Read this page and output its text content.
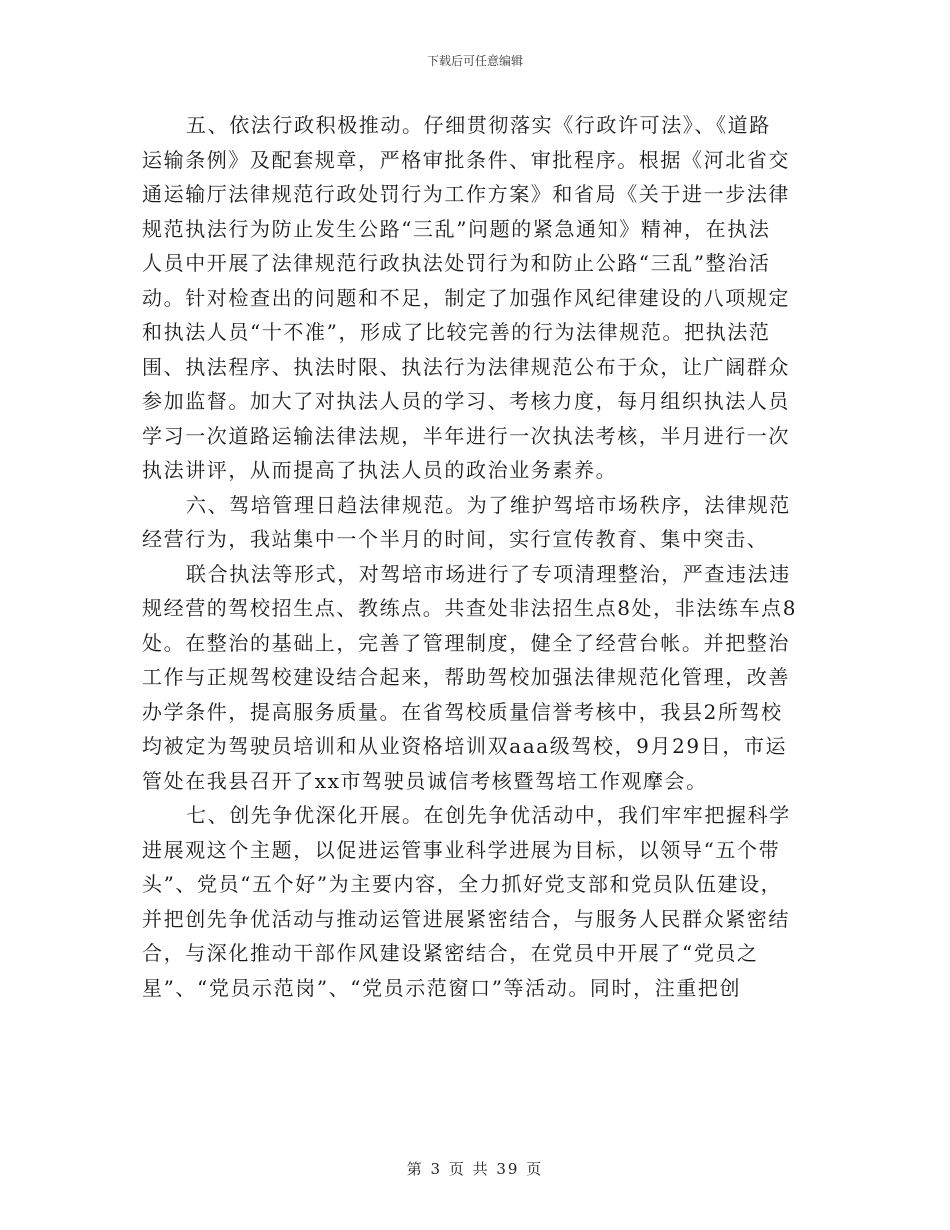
下载后可任意编辑
五、依法行政积极推动。仔细贯彻落实《行政许可法》、《道路
运输条例》及配套规章，严格审批条件、审批程序。根据《河北省交
通运输厅法律规范行政处罚行为工作方案》和省局《关于进一步法律
规范执法行为防止发生公路“三乱”问题的紧急通知》精神，在执法
人员中开展了法律规范行政执法处罚行为和防止公路“三乱”整治活
动。针对检查出的问题和不足，制定了加强作风纪律建设的八项规定
和执法人员“十不准”，形成了比较完善的行为法律规范。把执法范
围、执法程序、执法时限、执法行为法律规范公布于众，让广阔群众
参加监督。加大了对执法人员的学习、考核力度，每月组织执法人员
学习一次道路运输法律法规，半年进行一次执法考核，半月进行一次
执法讲评，从而提高了执法人员的政治业务素养。
六、驾培管理日趋法律规范。为了维护驾培市场秩序，法律规范
经营行为，我站集中一个半月的时间，实行宣传教育、集中突击、
联合执法等形式，对驾培市场进行了专项清理整治，严查违法违
规经营的驾校招生点、教练点。共查处非法招生点8处，非法练车点8
处。在整治的基础上，完善了管理制度，健全了经营台帐。并把整治
工作与正规驾校建设结合起来，帮助驾校加强法律规范化管理，改善
办学条件，提高服务质量。在省驾校质量信誉考核中，我县2所驾校
均被定为驾驶员培训和从业资格培训双aaa级驾校，9月29日，市运
管处在我县召开了xx市驾驶员诚信考核暨驾培工作观摩会。
七、创先争优深化开展。在创先争优活动中，我们牢牢把握科学
进展观这个主题，以促进运管事业科学进展为目标，以领导“五个带
头”、党员“五个好”为主要内容，全力抓好党支部和党员队伍建设，
并把创先争优活动与推动运管进展紧密结合，与服务人民群众紧密结
合，与深化推动干部作风建设紧密结合，在党员中开展了“党员之
星”、“党员示范岗”、“党员示范窗口”等活动。同时，注重把创
第 3 页 共 39 页
